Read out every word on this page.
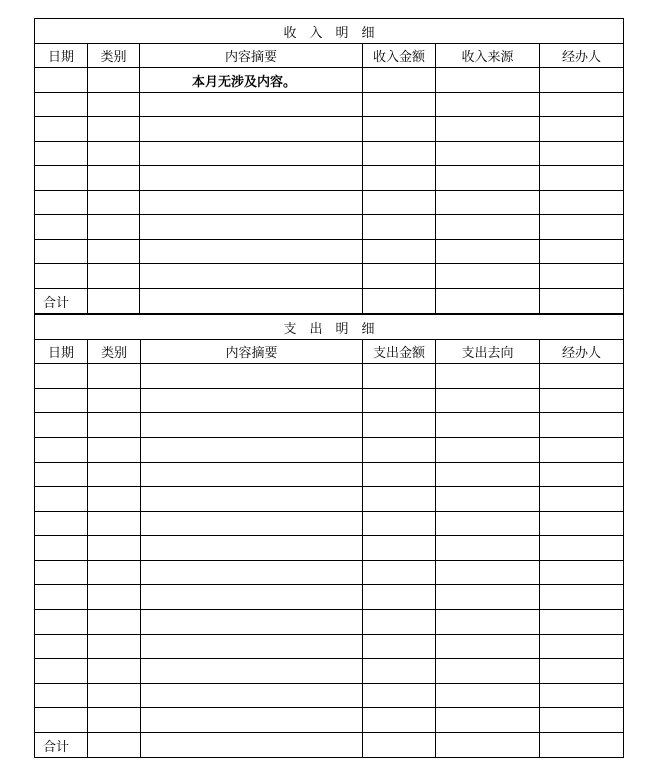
收　入　明　细					
日期	类别	内容摘要	收入金额	收入来源	经办人
		本月无涉及内容。			

合计					
支　出　明　细					
日期	类别	内容摘要	支出金额	支出去向	经办人

合计					
